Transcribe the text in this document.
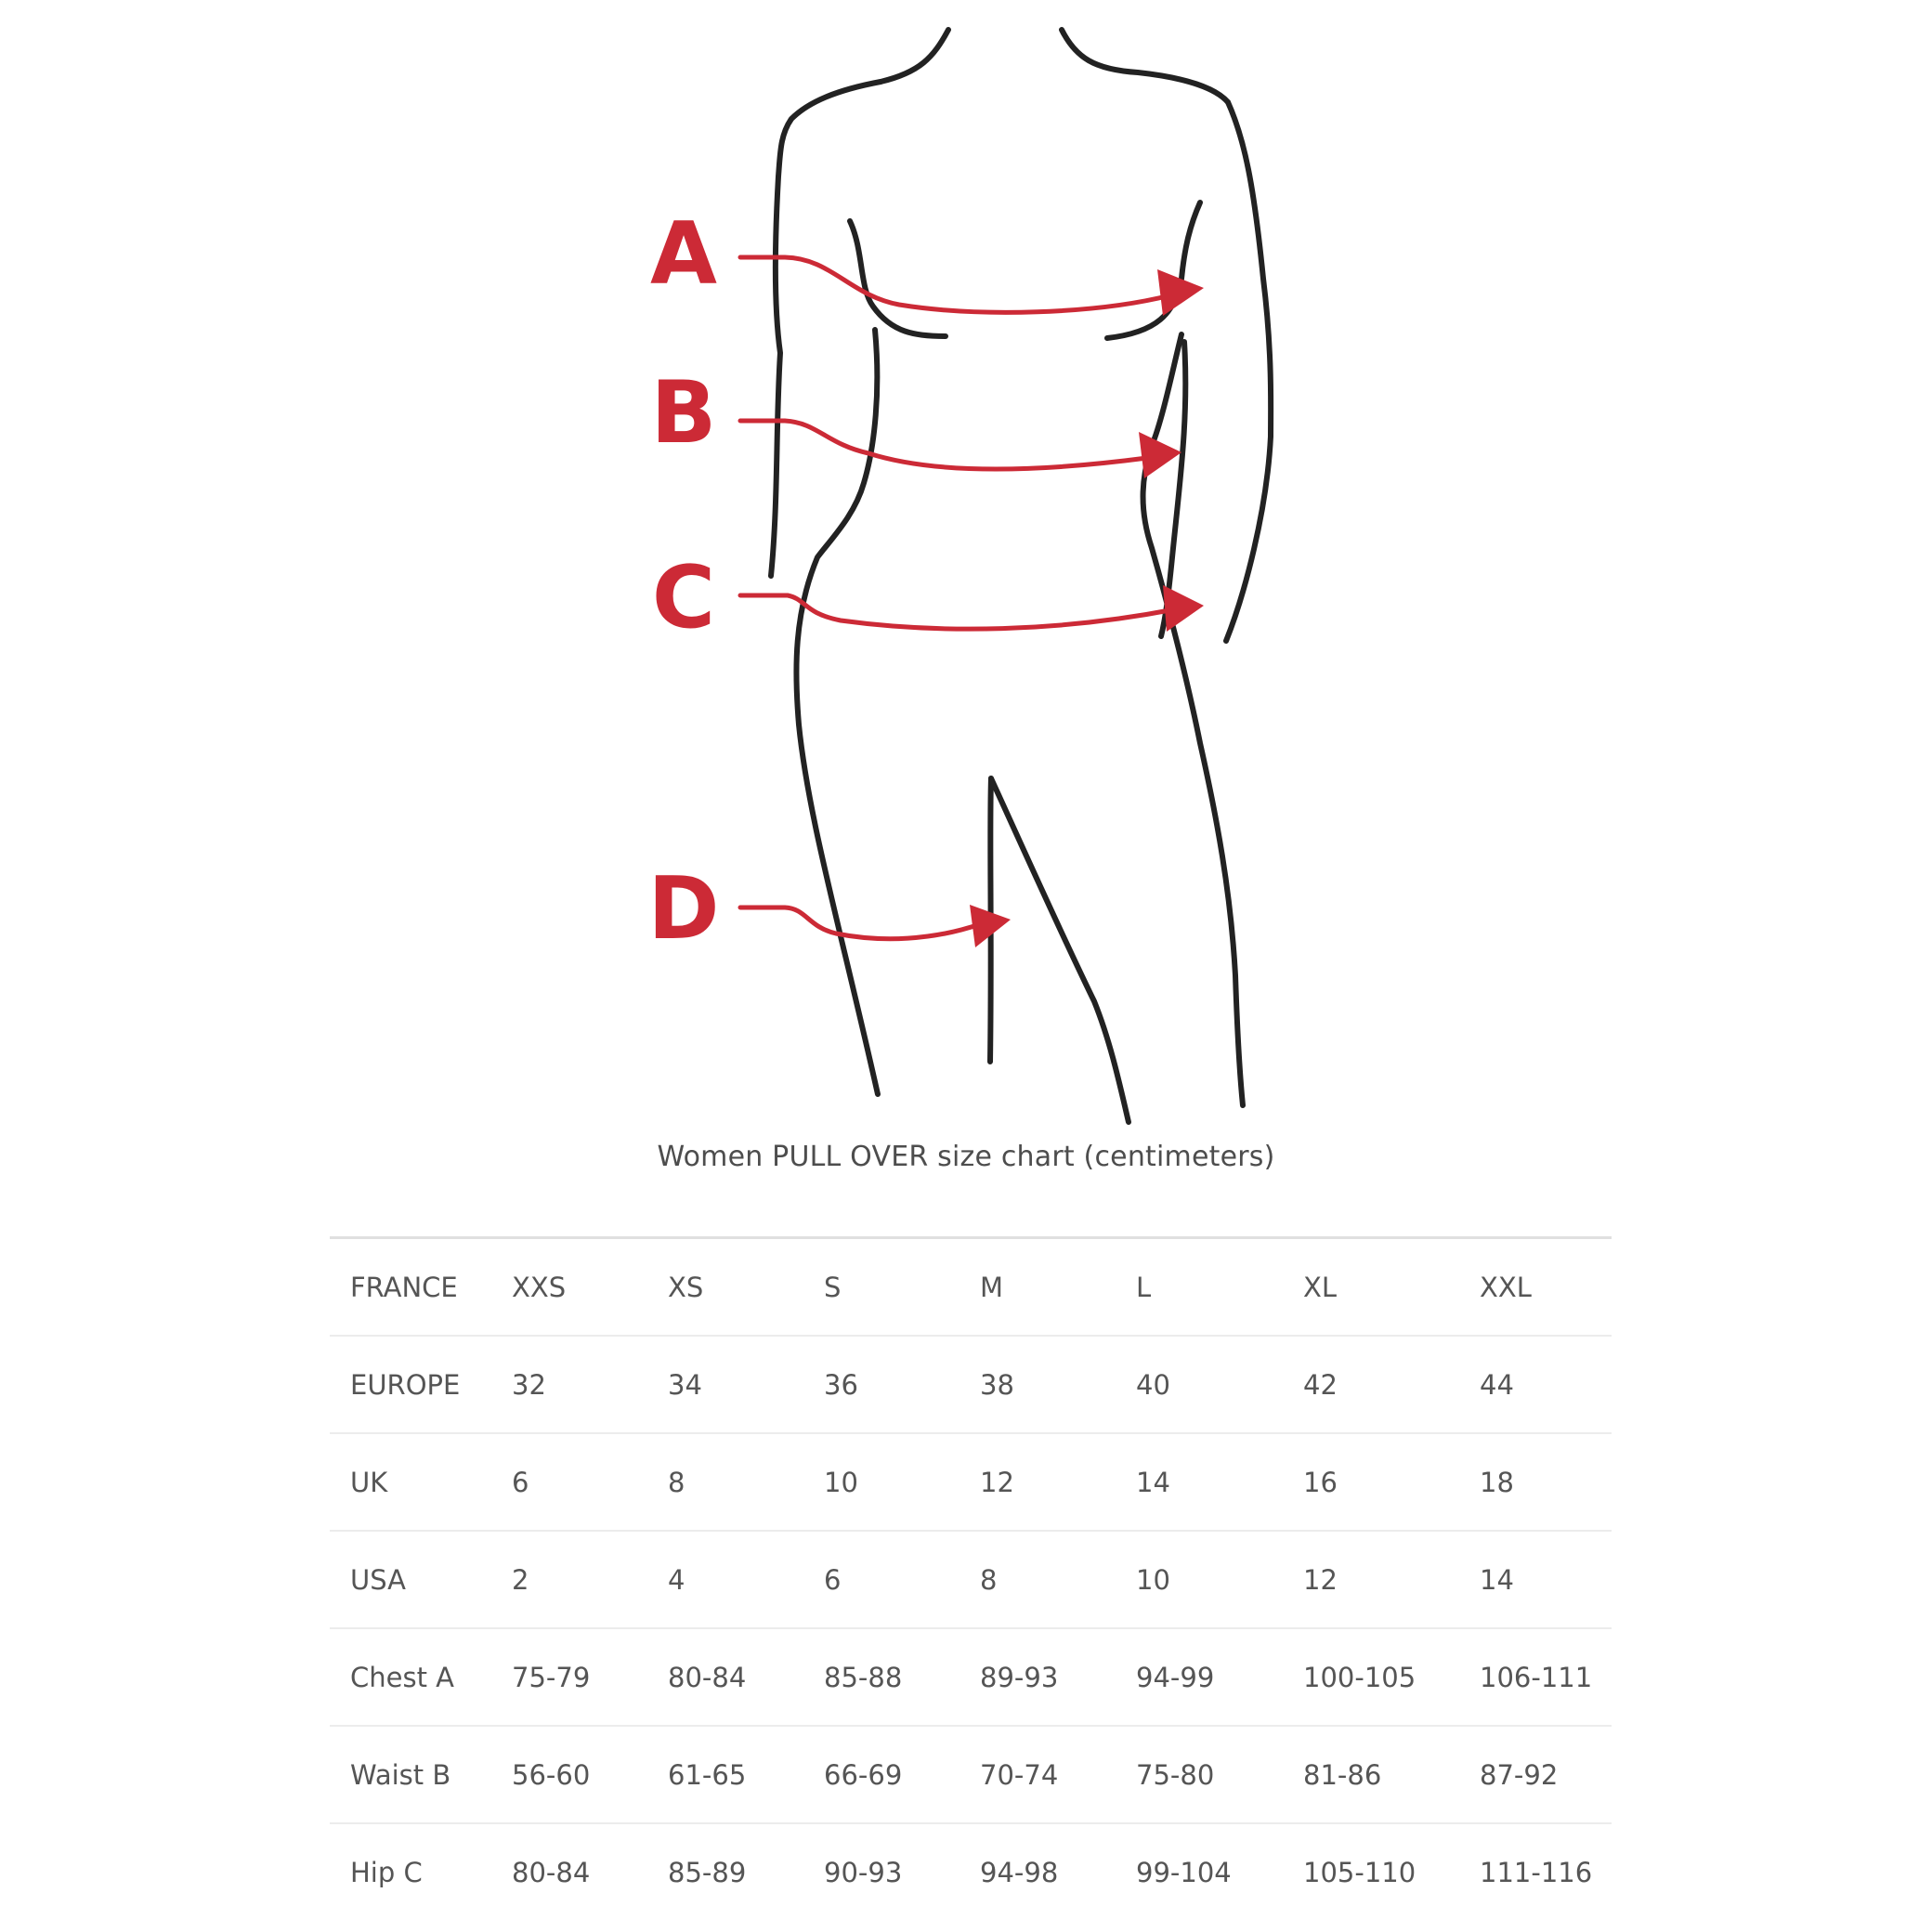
A
B
C
D
Women PULL OVER size chart (centimeters)
FRANCE	XXS	XS	S	M	L	XL	XXL
EUROPE	32	34	36	38	40	42	44
UK	6	8	10	12	14	16	18
USA	2	4	6	8	10	12	14
Chest A	75-79	80-84	85-88	89-93	94-99	100-105	106-111
Waist B	56-60	61-65	66-69	70-74	75-80	81-86	87-92
Hip C	80-84	85-89	90-93	94-98	99-104	105-110	111-116
